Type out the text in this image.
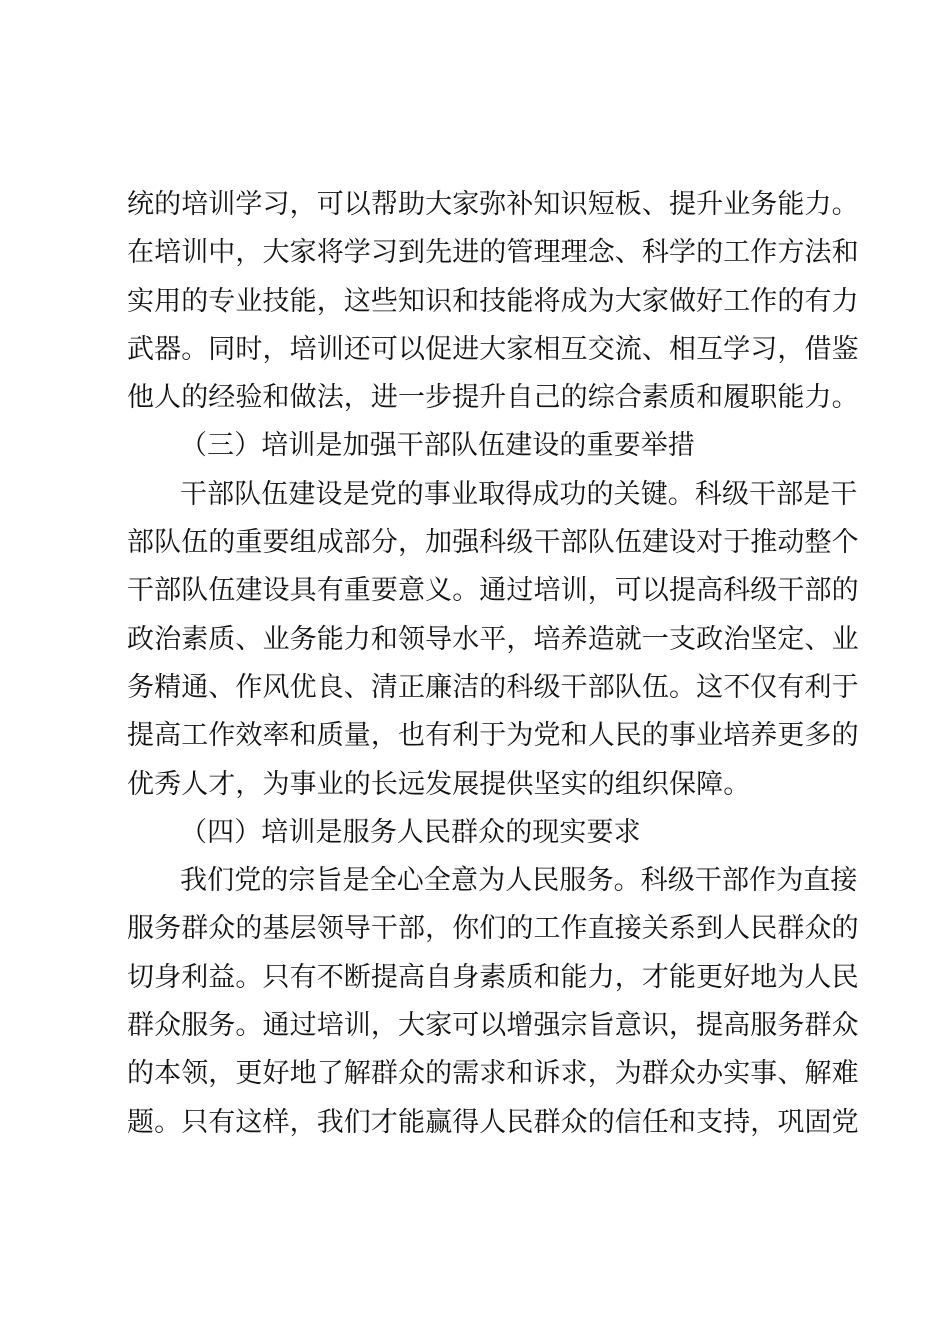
统的培训学习，可以帮助大家弥补知识短板、提升业务能力。
在培训中，大家将学习到先进的管理理念、科学的工作方法和
实用的专业技能，这些知识和技能将成为大家做好工作的有力
武器。同时，培训还可以促进大家相互交流、相互学习，借鉴
他人的经验和做法，进一步提升自己的综合素质和履职能力。
（三）培训是加强干部队伍建设的重要举措
干部队伍建设是党的事业取得成功的关键。科级干部是干
部队伍的重要组成部分，加强科级干部队伍建设对于推动整个
干部队伍建设具有重要意义。通过培训，可以提高科级干部的
政治素质、业务能力和领导水平，培养造就一支政治坚定、业
务精通、作风优良、清正廉洁的科级干部队伍。这不仅有利于
提高工作效率和质量，也有利于为党和人民的事业培养更多的
优秀人才，为事业的长远发展提供坚实的组织保障。
（四）培训是服务人民群众的现实要求
我们党的宗旨是全心全意为人民服务。科级干部作为直接
服务群众的基层领导干部，你们的工作直接关系到人民群众的
切身利益。只有不断提高自身素质和能力，才能更好地为人民
群众服务。通过培训，大家可以增强宗旨意识，提高服务群众
的本领，更好地了解群众的需求和诉求，为群众办实事、解难
题。只有这样，我们才能赢得人民群众的信任和支持，巩固党
